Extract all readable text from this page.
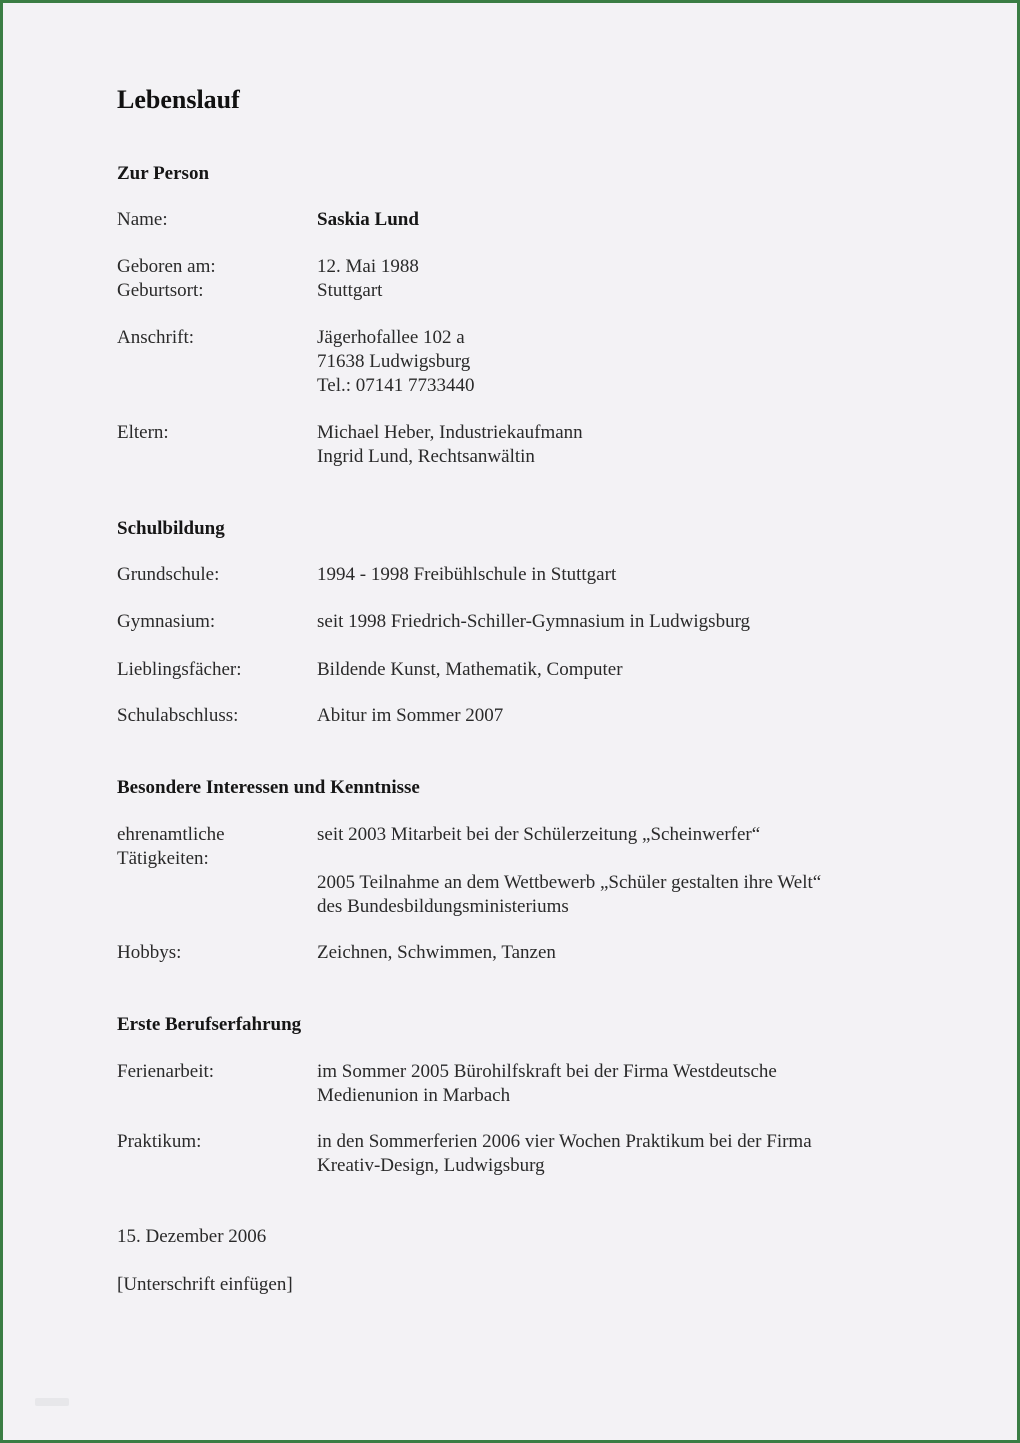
Lebenslauf
Zur Person
Name:	Saskia Lund
Geboren am:	12. Mai 1988
Geburtsort:	Stuttgart
Anschrift:	Jägerhofallee 102 a
71638 Ludwigsburg
Tel.: 07141 7733440
Eltern:	Michael Heber, Industriekaufmann
Ingrid Lund, Rechtsanwältin
Schulbildung
Grundschule:	1994 - 1998 Freibühlschule in Stuttgart
Gymnasium:	seit 1998 Friedrich-Schiller-Gymnasium in Ludwigsburg
Lieblingsfächer:	Bildende Kunst, Mathematik, Computer
Schulabschluss:	Abitur im Sommer 2007
Besondere Interessen und Kenntnisse
ehrenamtliche
Tätigkeiten:
seit 2003 Mitarbeit bei der Schülerzeitung „Scheinwerfer“
2005 Teilnahme an dem Wettbewerb „Schüler gestalten ihre Welt“
des Bundesbildungsministeriums
Hobbys:	Zeichnen, Schwimmen, Tanzen
Erste Berufserfahrung
Ferienarbeit:	im Sommer 2005 Bürohilfskraft bei der Firma Westdeutsche
Medienunion in Marbach
Praktikum:	in den Sommerferien 2006 vier Wochen Praktikum bei der Firma
Kreativ-Design, Ludwigsburg
15. Dezember 2006
[Unterschrift einfügen]
